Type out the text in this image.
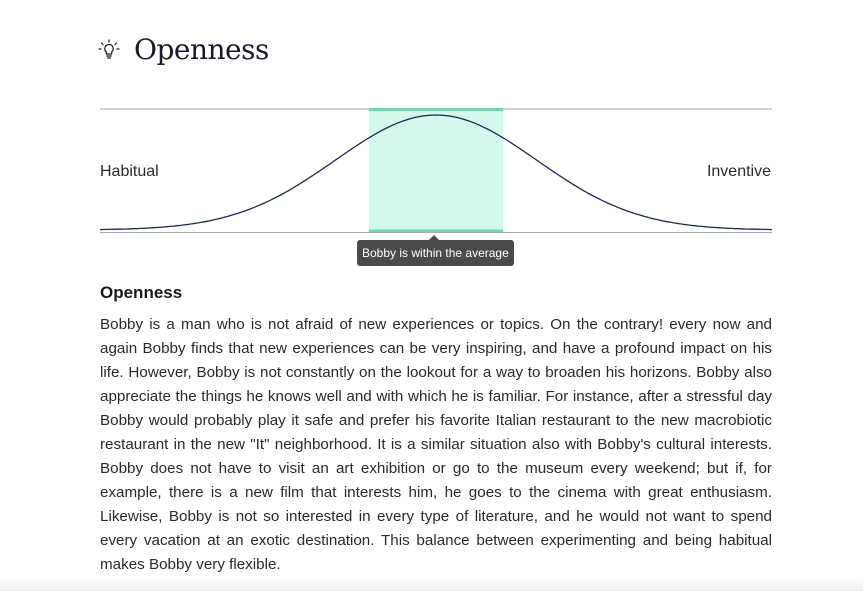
Openness
Habitual	Inventive
Bobby is within the average
Openness

Bobby is a man who is not afraid of new experiences or topics. On the contrary! every now and again Bobby finds that new experiences can be very inspiring, and have a profound impact on his life. However, Bobby is not constantly on the lookout for a way to broaden his horizons. Bobby also appreciate the things he knows well and with which he is familiar. For instance, after a stressful day Bobby would probably play it safe and prefer his favorite Italian restaurant to the new macrobiotic restaurant in the new "It" neighborhood. It is a similar situation also with Bobby's cultural interests. Bobby does not have to visit an art exhibition or go to the museum every weekend; but if, for example, there is a new film that interests him, he goes to the cinema with great enthusiasm. Likewise, Bobby is not so interested in every type of literature, and he would not want to spend every vacation at an exotic destination. This balance between experimenting and being habitual makes Bobby very flexible.
